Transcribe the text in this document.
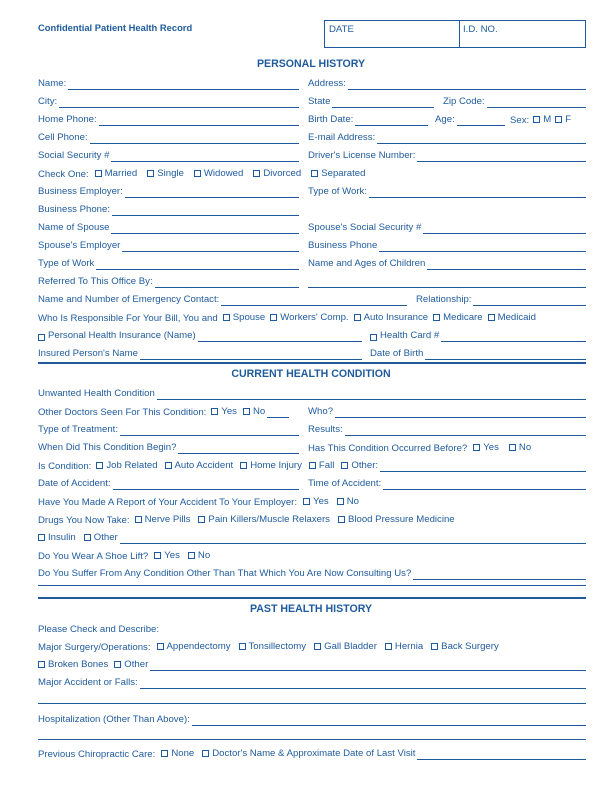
Confidential Patient Health Record	DATE	I.D. NO.
PERSONAL HISTORY
Name:	Address:
City:	State	Zip Code:
Home Phone:	Birth Date:	Age:	Sex: M F
Cell Phone:	E-mail Address:
Social Security #	Driver's License Number:
Check One: Married Single Widowed Divorced Separated
Business Employer:	Type of Work:
Business Phone:
Name of Spouse	Spouse's Social Security #
Spouse's Employer	Business Phone
Type of Work	Name and Ages of Children
Referred To This Office By:
Name and Number of Emergency Contact:	Relationship:
Who Is Responsible For Your Bill, You and Spouse Workers' Comp. Auto Insurance Medicare Medicaid
Personal Health Insurance (Name)	Health Card #
Insured Person's Name	Date of Birth
CURRENT HEALTH CONDITION
Unwanted Health Condition
Other Doctors Seen For This Condition: Yes No	Who?
Type of Treatment:	Results:
When Did This Condition Begin?	Has This Condition Occurred Before? Yes No
Is Condition: Job Related Auto Accident Home Injury Fall Other:
Date of Accident:	Time of Accident:
Have You Made A Report of Your Accident To Your Employer: Yes No
Drugs You Now Take: Nerve Pills Pain Killers/Muscle Relaxers Blood Pressure Medicine
Insulin Other
Do You Wear A Shoe Lift? Yes No
Do You Suffer From Any Condition Other Than That Which You Are Now Consulting Us?
PAST HEALTH HISTORY
Please Check and Describe:
Major Surgery/Operations: Appendectomy Tonsillectomy Gall Bladder Hernia Back Surgery
Broken Bones Other
Major Accident or Falls:
Hospitalization (Other Than Above):
Previous Chiropractic Care: None Doctor's Name & Approximate Date of Last Visit
